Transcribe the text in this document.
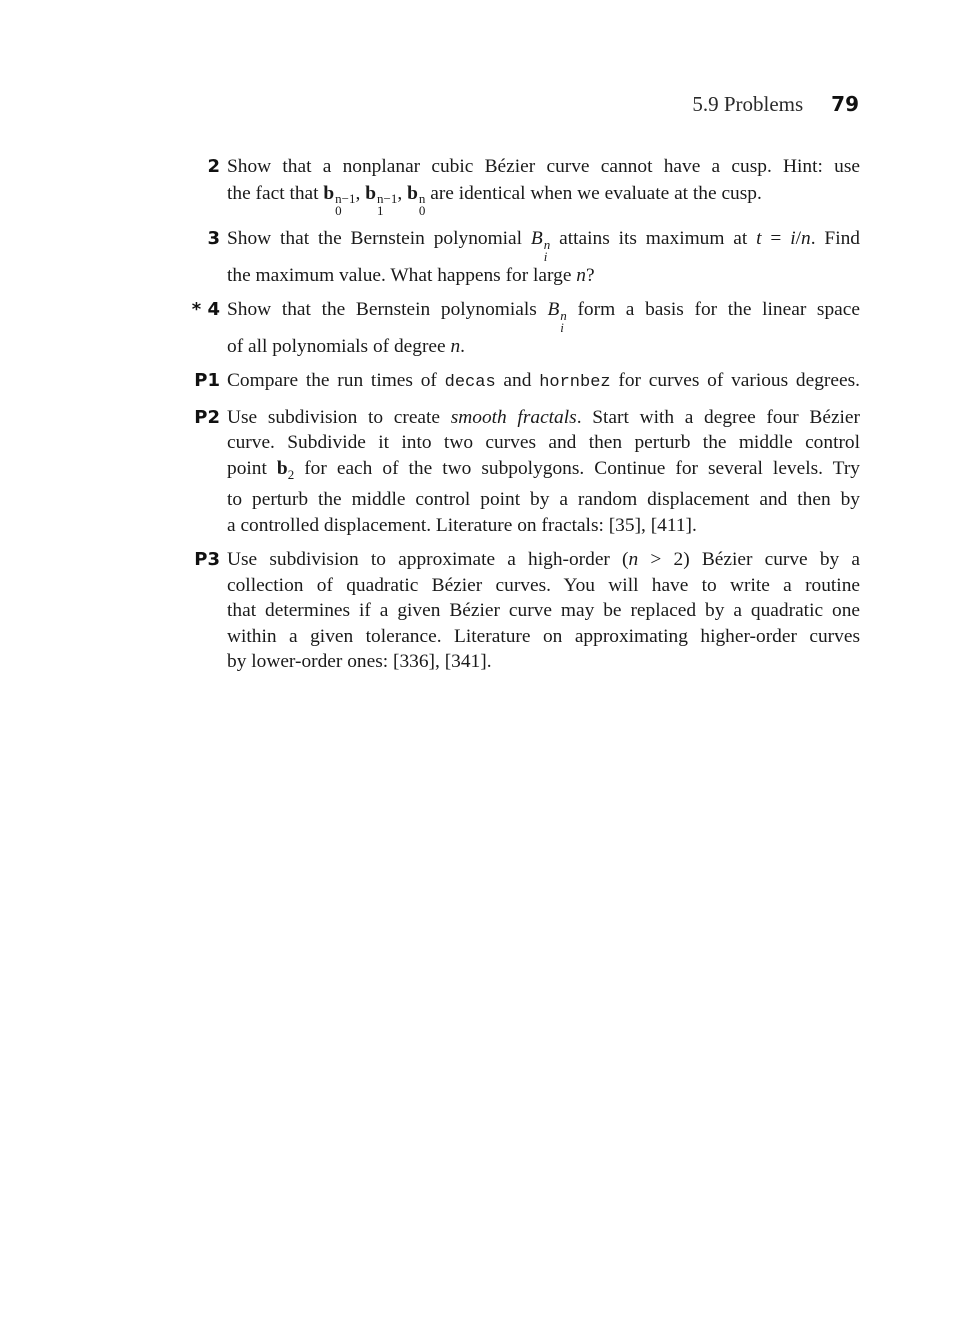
5.9 Problems 79
2 Show that a nonplanar cubic Bézier curve cannot have a cusp. Hint: use
the fact that b n−1
0
, b n−1
1
, b n
0
are identical when we evaluate at the cusp.
3 Show that the Bernstein polynomial B n
i
attains its maximum at t = i/n. Find
the maximum value. What happens for large n?
* 4 Show that the Bernstein polynomials B n
i
form a basis for the linear space
of all polynomials of degree n.
P1 Compare the run times of decas and hornbez for curves of various degrees.
P2 Use subdivision to create smooth fractals. Start with a degree four Bézier
curve. Subdivide it into two curves and then perturb the middle control
point $b_2$ for each of the two subpolygons. Continue for several levels. Try
to perturb the middle control point by a random displacement and then by
a controlled displacement. Literature on fractals: [35], [411].
P3 Use subdivision to approximate a high-order (n > 2) Bézier curve by a
collection of quadratic Bézier curves. You will have to write a routine
that determines if a given Bézier curve may be replaced by a quadratic one
within a given tolerance. Literature on approximating higher-order curves
by lower-order ones: [336], [341].
